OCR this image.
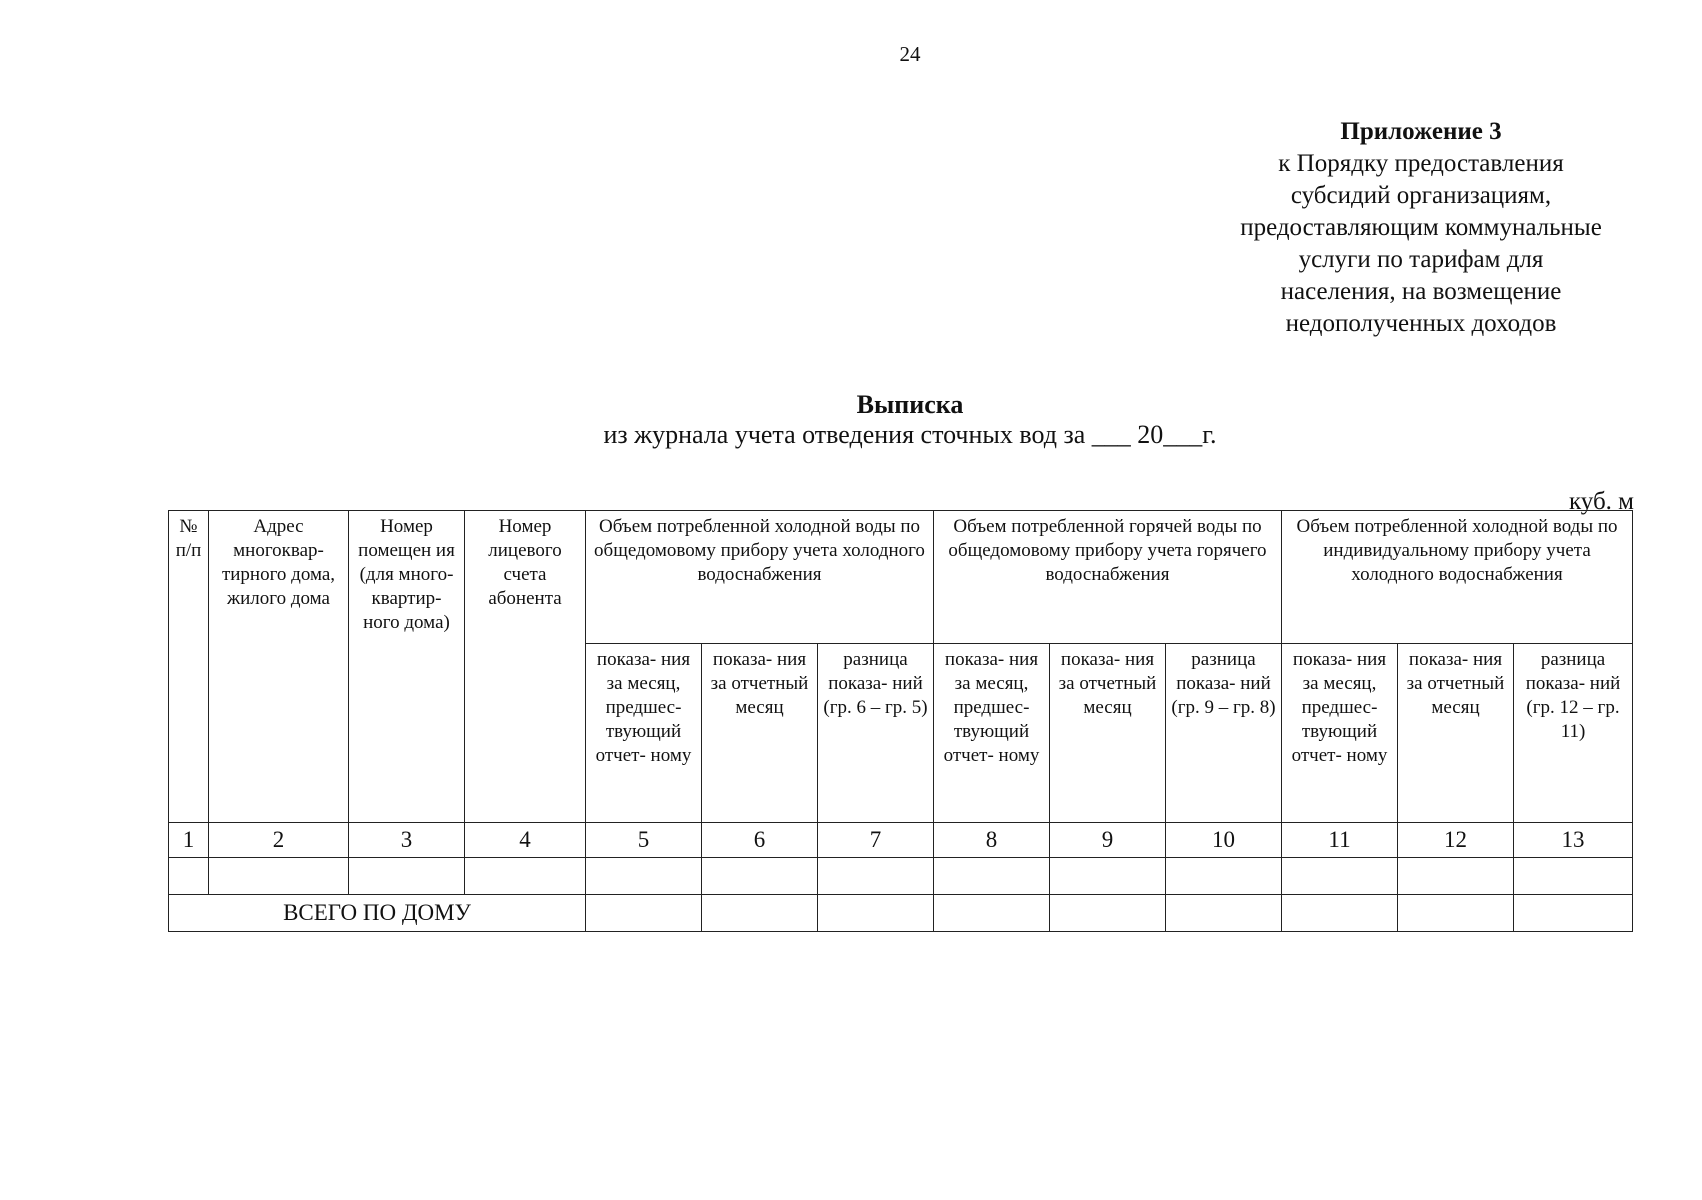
24
Приложение 3
к Порядку предоставления
субсидий организациям,
предоставляющим коммунальные
услуги по тарифам для
населения, на возмещение
недополученных доходов
Выписка
из журнала учета отведения сточных вод за ___ 20___г.
куб. м
№ п/п	Адрес многоквар- тирного дома, жилого дома	Номер помещен ия (для много- квартир- ного дома)	Номер лицевого счета абонента	Объем потребленной холодной воды по общедомовому прибору учета холодного водоснабжения			Объем потребленной горячей воды по общедомовому прибору учета горячего водоснабжения			Объем потребленной холодной воды по индивидуальному прибору учета холодного водоснабжения		
				показа- ния за месяц, предшес- твующий отчет- ному	показа- ния за отчетный месяц	разница показа- ний (гр. 6 – гр. 5)	показа- ния за месяц, предшес- твующий отчет- ному	показа- ния за отчетный месяц	разница показа- ний (гр. 9 – гр. 8)	показа- ния за месяц, предшес- твующий отчет- ному	показа- ния за отчетный месяц	разница показа- ний (гр. 12 – гр. 11)
1	2	3	4	5	6	7	8	9	10	11	12	13

ВСЕГО ПО ДОМУ												
